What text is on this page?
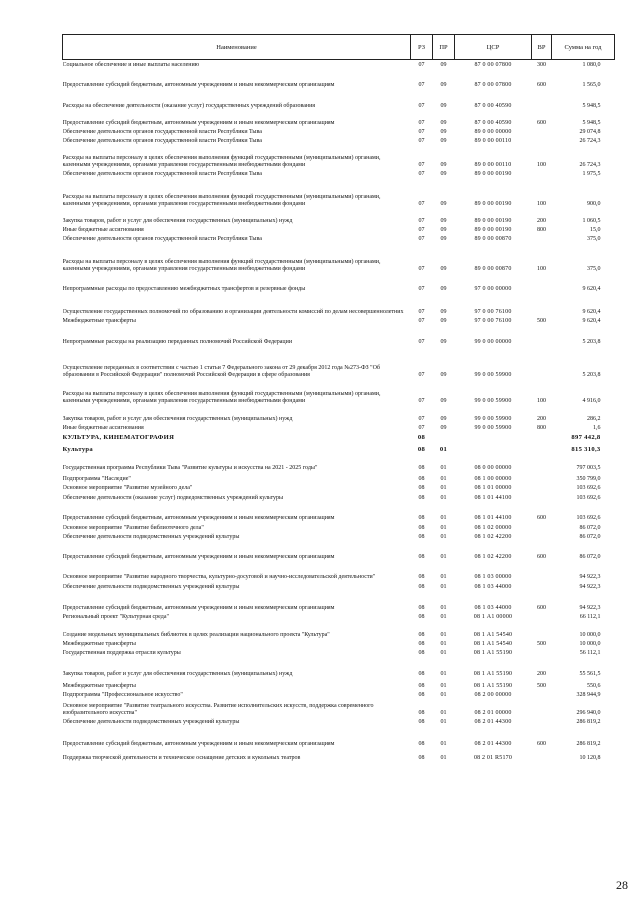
Наименование	РЗ	ПР	ЦСР	ВР	Сумма на год
Социальное обеспечение и иные выплаты населению	07	09	87 0 00 07800	300	1 080,0
Предоставление субсидий бюджетным, автономным учреждениям и иным некоммерческим организациям	07	09	87 0 00 07800	600	1 565,0
Расходы на обеспечение деятельности (оказание услуг) государственных учреждений образования	07	09	87 0 00 40590		5 948,5
Предоставление субсидий бюджетным, автономным учреждениям и иным некоммерческим организациям	07	09	87 0 00 40590	600	5 948,5
Обеспечение деятельности органов государственной власти Республики Тыва	07	09	89 0 00 00000		29 074,8
Обеспечение деятельности органов государственной власти Республики Тыва	07	09	89 0 00 00110		26 724,3
Расходы на выплаты персоналу в целях обеспечения выполнения функций государственными (муниципальными) органами, казенными учреждениями, органами управления государственными внебюджетными фондами	07	09	89 0 00 00110	100	26 724,3
Обеспечение деятельности органов государственной власти Республики Тыва	07	09	89 0 00 00190		1 975,5
Расходы на выплаты персоналу в целях обеспечения выполнения функций государственными (муниципальными) органами, казенными учреждениями, органами управления государственными внебюджетными фондами	07	09	89 0 00 00190	100	900,0
Закупка товаров, работ и услуг для обеспечения государственных (муниципальных) нужд	07	09	89 0 00 00190	200	1 060,5
Иные бюджетные ассигнования	07	09	89 0 00 00190	800	15,0
Обеспечение деятельности органов государственной власти Республики Тыва	07	09	89 0 00 00870		375,0
Расходы на выплаты персоналу в целях обеспечения выполнения функций государственными (муниципальными) органами, казенными учреждениями, органами управления государственными внебюджетными фондами	07	09	89 0 00 00870	100	375,0
Непрограммные расходы по предоставлению межбюджетных трансфертов и резервные фонды	07	09	97 0 00 00000		9 620,4
Осуществление государственных полномочий по образованию и организации деятельности комиссий по делам несовершеннолетних	07	09	97 0 00 76100		9 620,4
Межбюджетные трансферты	07	09	97 0 00 76100	500	9 620,4
Непрограммные расходы на реализацию переданных полномочий Российской Федерации	07	09	99 0 00 00000		5 203,8
Осуществление переданных в соответствии с частью 1 статьи 7 Федерального закона от 29 декабря 2012 года №273-ФЗ "Об образовании в Российской Федерации" полномочий Российской Федерации в сфере образования	07	09	99 0 00 59900		5 203,8
Расходы на выплаты персоналу в целях обеспечения выполнения функций государственными (муниципальными) органами, казенными учреждениями, органами управления государственными внебюджетными фондами	07	09	99 0 00 59900	100	4 916,0
Закупка товаров, работ и услуг для обеспечения государственных (муниципальных) нужд	07	09	99 0 00 59900	200	286,2
Иные бюджетные ассигнования	07	09	99 0 00 59900	800	1,6
КУЛЬТУРА, КИНЕМАТОГРАФИЯ	08				897 442,8
Культура	08	01			815 310,3
Государственная программа Республики Тыва "Развитие культуры и искусства на 2021 - 2025 годы"	08	01	08 0 00 00000		797 003,5
Подпрограмма "Наследие"	08	01	08 1 00 00000		350 799,0
Основное мероприятие "Развитие музейного дела"	08	01	08 1 01 00000		103 692,6
Обеспечение деятельности (оказание услуг) подведомственных учреждений культуры	08	01	08 1 01 44100		103 692,6
Предоставление субсидий бюджетным, автономным учреждениям и иным некоммерческим организациям	08	01	08 1 01 44100	600	103 692,6
Основное мероприятие "Развитие библиотечного дела"	08	01	08 1 02 00000		86 072,0
Обеспечение деятельности подведомственных учреждений культуры	08	01	08 1 02 42200		86 072,0
Предоставление субсидий бюджетным, автономным учреждениям и иным некоммерческим организациям	08	01	08 1 02 42200	600	86 072,0
Основное мероприятие "Развитие народного творчества, культурно-досуговой и научно-исследовательской деятельности"	08	01	08 1 03 00000		94 922,3
Обеспечение деятельности подведомственных учреждений культуры	08	01	08 1 03 44000		94 922,3
Предоставление субсидий бюджетным, автономным учреждениям и иным некоммерческим организациям	08	01	08 1 03 44000	600	94 922,3
Региональный проект "Культурная среда"	08	01	08 1 А1 00000		66 112,1
Создание модельных муниципальных библиотек в целях реализации национального проекта "Культура"	08	01	08 1 А1 54540		10 000,0
Межбюджетные трансферты	08	01	08 1 А1 54540	500	10 000,0
Государственная поддержка отрасли культуры	08	01	08 1 А1 55190		56 112,1
Закупка товаров, работ и услуг для обеспечения государственных (муниципальных) нужд	08	01	08 1 А1 55190	200	55 561,5
Межбюджетные трансферты	08	01	08 1 А1 55190	500	550,6
Подпрограмма "Профессиональное искусство"	08	01	08 2 00 00000		328 944,9
Основное мероприятие "Развитие театрального искусства. Развитие исполнительских искусств, поддержка современного изобразительного искусства"	08	01	08 2 01 00000		296 940,0
Обеспечение деятельности подведомственных учреждений культуры	08	01	08 2 01 44300		286 819,2
Предоставление субсидий бюджетным, автономным учреждениям и иным некоммерческим организациям	08	01	08 2 01 44300	600	286 819,2
Поддержка творческой деятельности и техническое оснащение детских и кукольных театров	08	01	08 2 01 R5170		10 120,8
28
